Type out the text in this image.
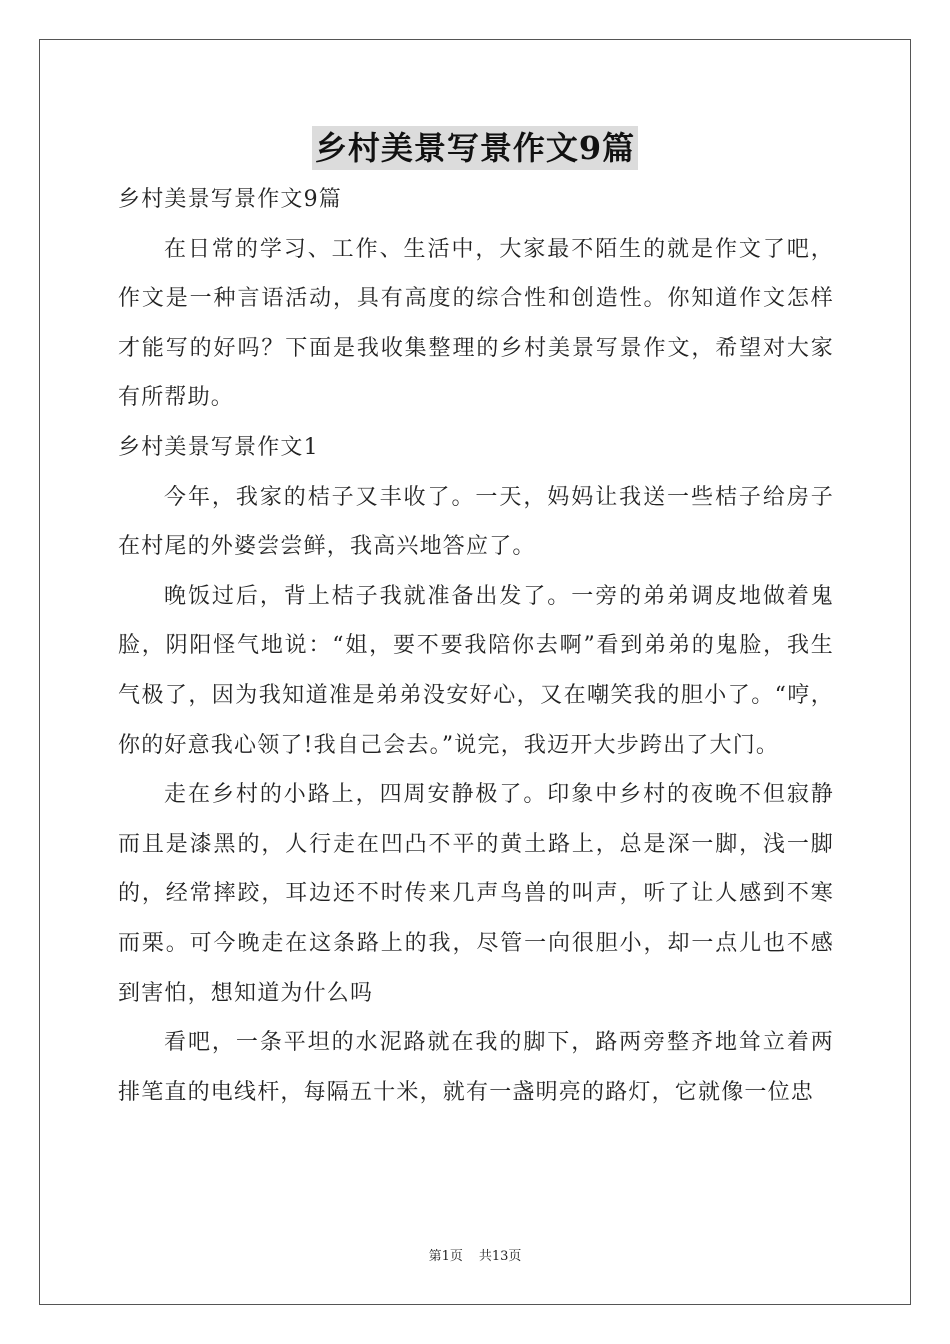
乡村美景写景作文9篇

乡村美景写景作文9篇

在日常的学习、工作、生活中，大家最不陌生的就是作文了吧，作文是一种言语活动，具有高度的综合性和创造性。你知道作文怎样才能写的好吗？下面是我收集整理的乡村美景写景作文，希望对大家有所帮助。

乡村美景写景作文1

今年，我家的桔子又丰收了。一天，妈妈让我送一些桔子给房子在村尾的外婆尝尝鲜，我高兴地答应了。

晚饭过后，背上桔子我就准备出发了。一旁的弟弟调皮地做着鬼脸，阴阳怪气地说：“姐，要不要我陪你去啊”看到弟弟的鬼脸，我生气极了，因为我知道准是弟弟没安好心，又在嘲笑我的胆小了。“哼，你的好意我心领了!我自己会去。”说完，我迈开大步跨出了大门。

走在乡村的小路上，四周安静极了。印象中乡村的夜晚不但寂静而且是漆黑的，人行走在凹凸不平的黄土路上，总是深一脚，浅一脚的，经常摔跤，耳边还不时传来几声鸟兽的叫声，听了让人感到不寒而栗。可今晚走在这条路上的我，尽管一向很胆小，却一点儿也不感到害怕，想知道为什么吗

看吧，一条平坦的水泥路就在我的脚下，路两旁整齐地耸立着两排笔直的电线杆，每隔五十米，就有一盏明亮的路灯，它就像一位忠

第1页 共13页
